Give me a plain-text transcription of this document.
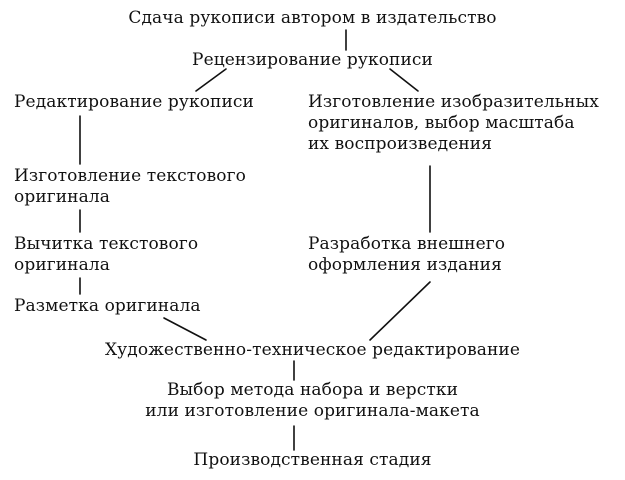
Сдача рукописи автором в издательство
Рецензирование рукописи
Редактирование рукописи	Изготовление изобразительных
оригиналов, выбор масштаба
их воспроизведения
Изготовление текстового
оригинала
Вычитка текстового
оригинала
Разработка внешнего
оформления издания
Разметка оригинала
Художественно-техническое редактирование
Выбор метода набора и верстки
или изготовление оригинала-макета
Производственная стадия
